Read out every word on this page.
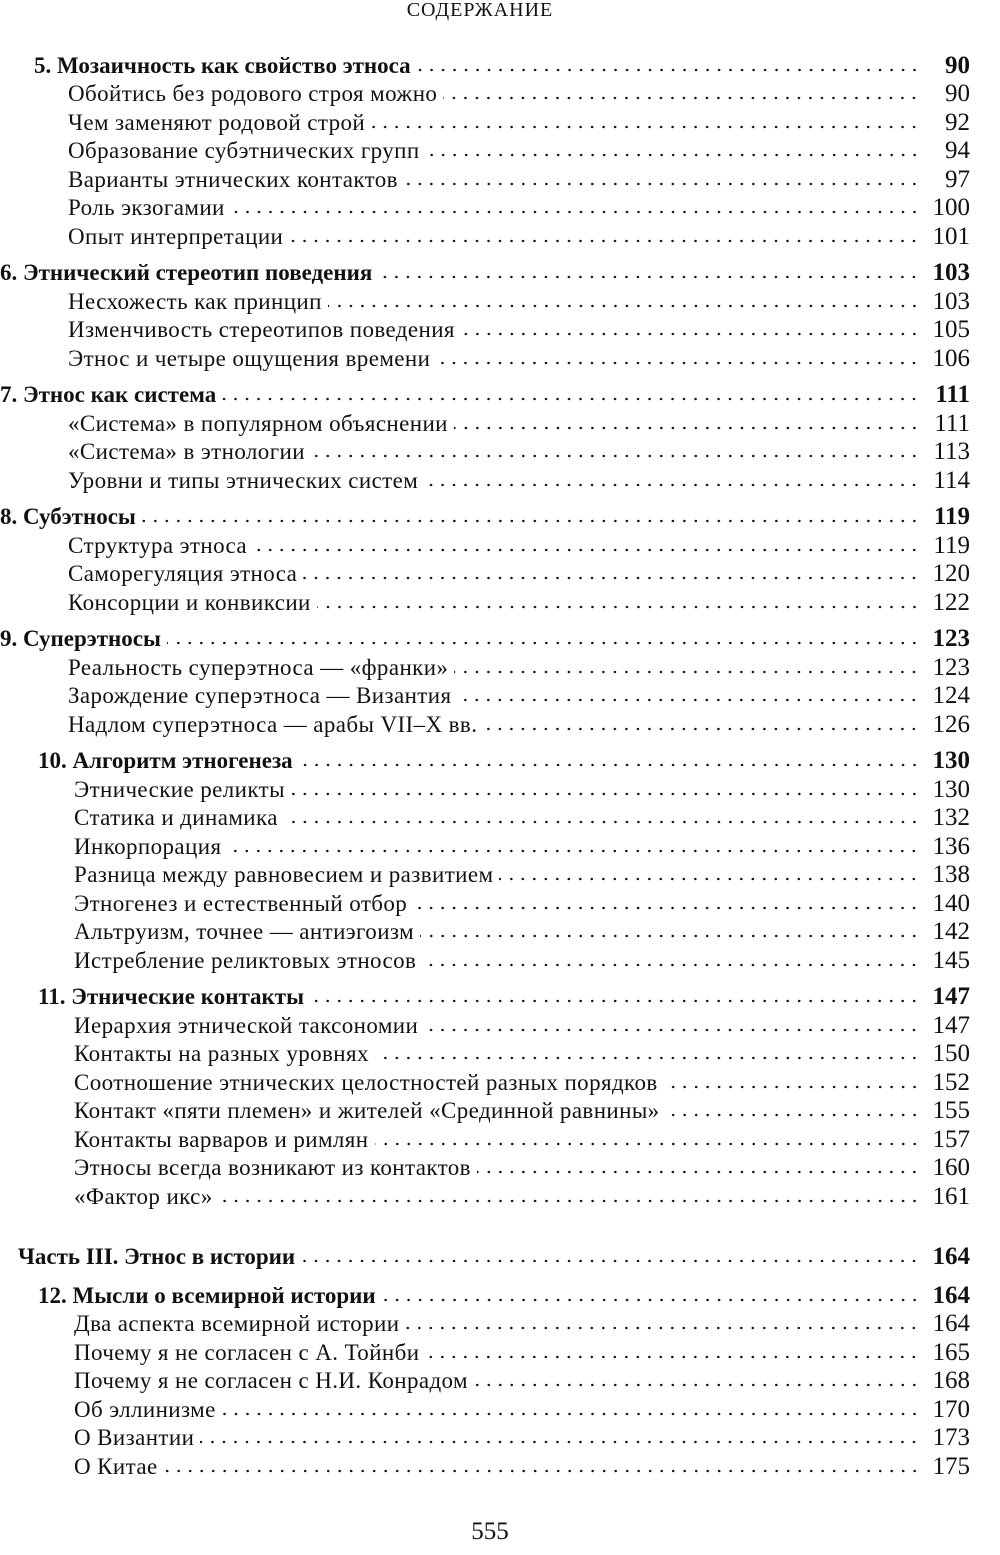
СОДЕРЖАНИЕ
5. Мозаичность как свойство этноса	90
Обойтись без родового строя можно	90
Чем заменяют родовой строй	92
Образование субэтнических групп	94
Варианты этнических контактов	97
Роль экзогамии	100
Опыт интерпретации	101
6. Этнический стереотип поведения	103
Несхожесть как принцип	103
Изменчивость стереотипов поведения	105
Этнос и четыре ощущения времени	106
7. Этнос как система	111
«Система» в популярном объяснении	111
«Система» в этнологии	113
Уровни и типы этнических систем	114
8. Субэтносы	119
Структура этноса	119
Саморегуляция этноса	120
Консорции и конвиксии	122
9. Суперэтносы	123
Реальность суперэтноса — «франки»	123
Зарождение суперэтноса — Византия	124
Надлом суперэтноса — арабы VII–X вв.	126
10. Алгоритм этногенеза	130
Этнические реликты	130
Статика и динамика	132
Инкорпорация	136
Разница между равновесием и развитием	138
Этногенез и естественный отбор	140
Альтруизм, точнее — антиэгоизм	142
Истребление реликтовых этносов	145
11. Этнические контакты	147
Иерархия этнической таксономии	147
Контакты на разных уровнях	150
Соотношение этнических целостностей разных порядков	152
Контакт «пяти племен» и жителей «Срединной равнины»	155
Контакты варваров и римлян	157
Этносы всегда возникают из контактов	160
«Фактор икс»	161
Часть III. Этнос в истории	164
12. Мысли о всемирной истории	164
Два аспекта всемирной истории	164
Почему я не согласен с А. Тойнби	165
Почему я не согласен с Н.И. Конрадом	168
Об эллинизме	170
О Византии	173
О Китае	175
555
